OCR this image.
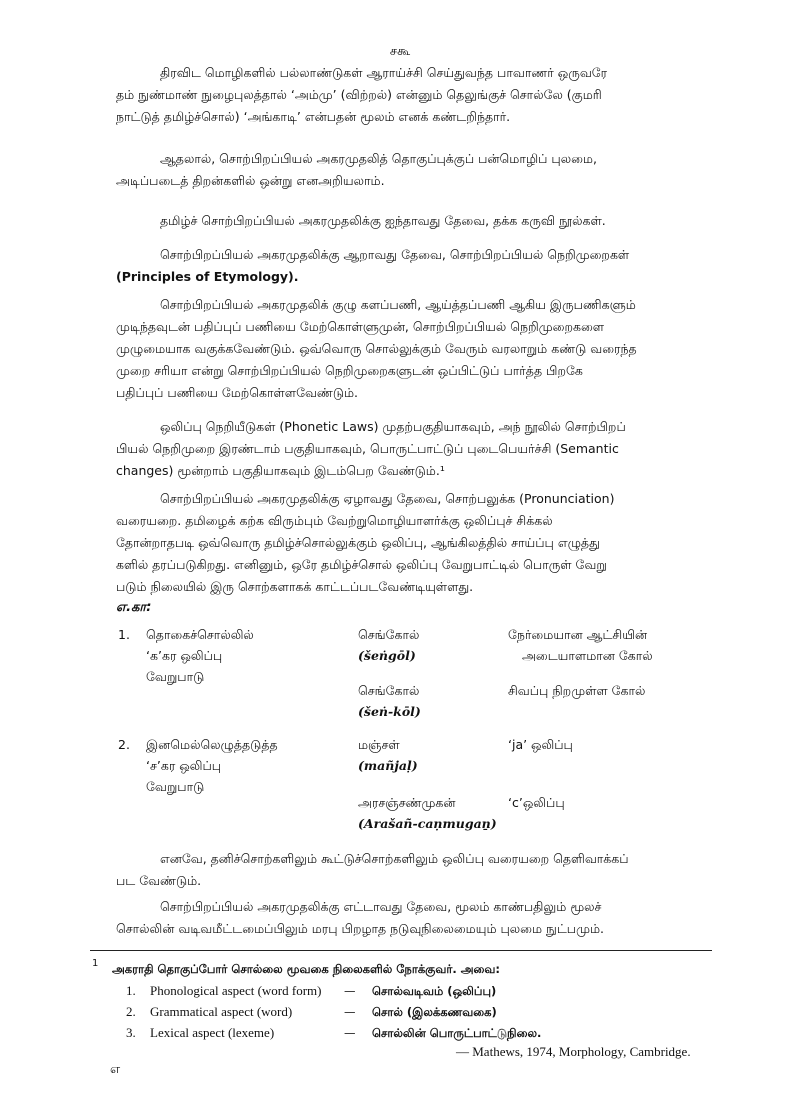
சகூ
திரவிட மொழிகளில் பல்லாண்டுகள் ஆராய்ச்சி செய்துவந்த பாவாணர் ஒருவரே
தம் நுண்மாண் நுழைபுலத்தால் ‘அம்மு’ (விற்றல்) என்னும் தெலுங்குச் சொல்லே (குமரி
நாட்டுத் தமிழ்ச்சொல்) ‘அங்காடி’ என்பதன் மூலம் எனக் கண்டறிந்தார்.
ஆதலால், சொற்பிறப்பியல் அகரமுதலித் தொகுப்புக்குப் பன்மொழிப் புலமை,
அடிப்படைத் திறன்களில் ஒன்று எனஅறியலாம்.
தமிழ்ச் சொற்பிறப்பியல் அகரமுதலிக்கு ஐந்தாவது தேவை, தக்க கருவி நூல்கள்.
சொற்பிறப்பியல் அகரமுதலிக்கு ஆறாவது தேவை, சொற்பிறப்பியல் நெறிமுறைகள்
(Principles of Etymology).
சொற்பிறப்பியல் அகரமுதலிக் குழு களப்பணி, ஆய்த்தப்பணி ஆகிய இருபணிகளும்
முடிந்தவுடன் பதிப்புப் பணியை மேற்கொள்ளுமுன், சொற்பிறப்பியல் நெறிமுறைகளை
முழுமையாக வகுக்கவேண்டும். ஒவ்வொரு சொல்லுக்கும் வேரும் வரலாறும் கண்டு வரைந்த
முறை சரியா என்று சொற்பிறப்பியல் நெறிமுறைகளுடன் ஒப்பிட்டுப் பார்த்த பிறகே
பதிப்புப் பணியை மேற்கொள்ளவேண்டும்.
ஒலிப்பு நெறியீடுகள் (Phonetic Laws) முதற்பகுதியாகவும், அந் நூலில் சொற்பிறப்
பியல் நெறிமுறை இரண்டாம் பகுதியாகவும், பொருட்பாட்டுப் புடைபெயர்ச்சி (Semantic
changes) மூன்றாம் பகுதியாகவும் இடம்பெற வேண்டும்.¹
சொற்பிறப்பியல் அகரமுதலிக்கு ஏழாவது தேவை, சொற்பலுக்க (Pronunciation)
வரையறை. தமிழைக் கற்க விரும்பும் வேற்றுமொழியாளர்க்கு ஒலிப்புச் சிக்கல்
தோன்றாதபடி ஒவ்வொரு தமிழ்ச்சொல்லுக்கும் ஒலிப்பு, ஆங்கிலத்தில் சாய்ப்பு எழுத்து
களில் தரப்படுகிறது. எனினும், ஒரே தமிழ்ச்சொல் ஒலிப்பு வேறுபாட்டில் பொருள் வேறு
படும் நிலையில் இரு சொற்களாகக் காட்டப்படவேண்டியுள்ளது.
எ.கா:
1. தொகைச்சொல்லில்
‘க’கர ஒலிப்பு
வேறுபாடு
செங்கோல்
(šeṅgōl)
நேர்மையான ஆட்சியின்
அடையாளமான கோல்
செங்கோல்
(šeṅ-kōl)
சிவப்பு நிறமுள்ள கோல்
2. இனமெல்லெழுத்தடுத்த
‘ச’கர ஒலிப்பு
வேறுபாடு
மஞ்சள்
(mañjaḷ)
‘ja’ ஒலிப்பு
அரசஞ்சண்முகன்
(Arašañ-caṇmugaṉ)
‘c’ஒலிப்பு
எனவே, தனிச்சொற்களிலும் கூட்டுச்சொற்களிலும் ஒலிப்பு வரையறை தெளிவாக்கப்
பட வேண்டும்.
சொற்பிறப்பியல் அகரமுதலிக்கு எட்டாவது தேவை, மூலம் காண்பதிலும் மூலச்
சொல்லின் வடிவமீட்டமைப்பிலும் மரபு பிறழாத நடுவுநிலைமையும் புலமை நுட்பமும்.
1 அகராதி தொகுப்போர் சொல்லை மூவகை நிலைகளில் நோக்குவர். அவை:
1. Phonological aspect (word form) — சொல்வடிவம் (ஒலிப்பு)
2. Grammatical aspect (word)	— சொல் (இலக்கணவகை)
3. Lexical aspect (lexeme)	— சொல்லின் பொருட்பாட்டுநிலை.
— Mathews, 1974, Morphology, Cambridge.
எ
